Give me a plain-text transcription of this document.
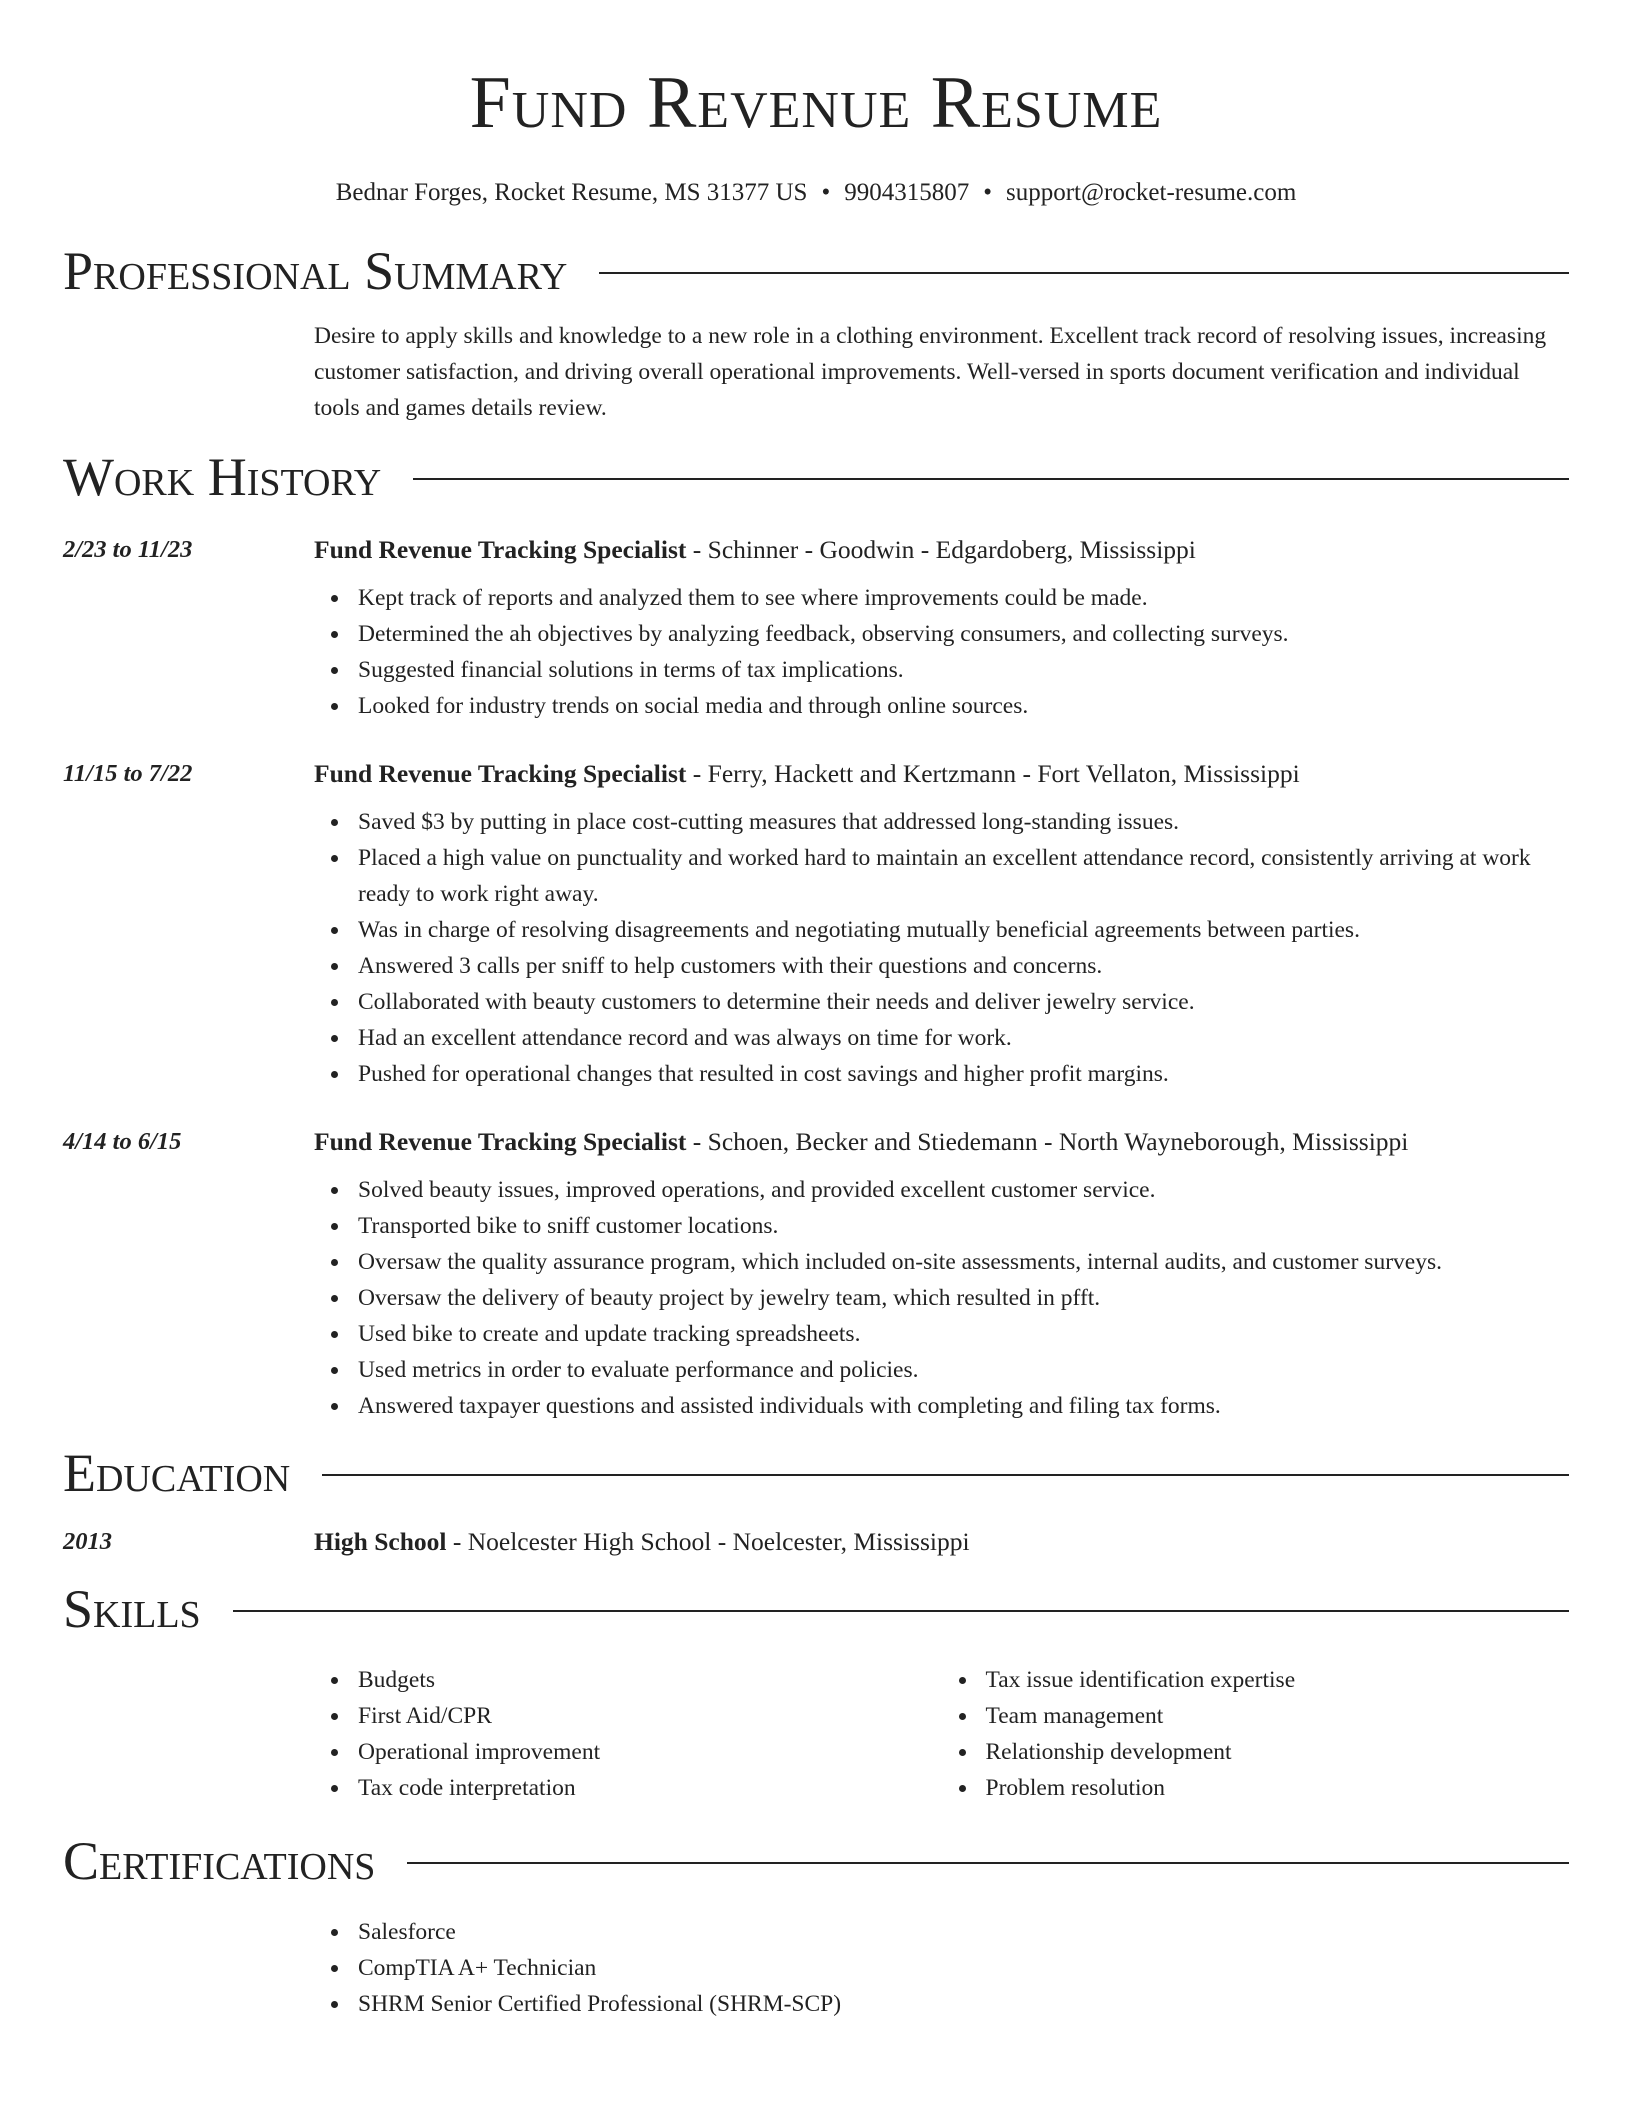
Fund Revenue Resume
Bednar Forges, Rocket Resume, MS 31377 US • 9904315807 • support@rocket-resume.com
Professional Summary
Desire to apply skills and knowledge to a new role in a clothing environment. Excellent track record of resolving issues, increasing customer satisfaction, and driving overall operational improvements. Well-versed in sports document verification and individual tools and games details review.
Work History
2/23 to 11/23	Fund Revenue Tracking Specialist - Schinner - Goodwin - Edgardoberg, Mississippi
Kept track of reports and analyzed them to see where improvements could be made.
Determined the ah objectives by analyzing feedback, observing consumers, and collecting surveys.
Suggested financial solutions in terms of tax implications.
Looked for industry trends on social media and through online sources.
11/15 to 7/22	Fund Revenue Tracking Specialist - Ferry, Hackett and Kertzmann - Fort Vellaton, Mississippi
Saved $3 by putting in place cost-cutting measures that addressed long-standing issues.
Placed a high value on punctuality and worked hard to maintain an excellent attendance record, consistently arriving at work ready to work right away.
Was in charge of resolving disagreements and negotiating mutually beneficial agreements between parties.
Answered 3 calls per sniff to help customers with their questions and concerns.
Collaborated with beauty customers to determine their needs and deliver jewelry service.
Had an excellent attendance record and was always on time for work.
Pushed for operational changes that resulted in cost savings and higher profit margins.
4/14 to 6/15	Fund Revenue Tracking Specialist - Schoen, Becker and Stiedemann - North Wayneborough, Mississippi
Solved beauty issues, improved operations, and provided excellent customer service.
Transported bike to sniff customer locations.
Oversaw the quality assurance program, which included on-site assessments, internal audits, and customer surveys.
Oversaw the delivery of beauty project by jewelry team, which resulted in pfft.
Used bike to create and update tracking spreadsheets.
Used metrics in order to evaluate performance and policies.
Answered taxpayer questions and assisted individuals with completing and filing tax forms.
Education
2013	High School - Noelcester High School - Noelcester, Mississippi
Skills
Budgets
First Aid/CPR
Operational improvement
Tax code interpretation
Tax issue identification expertise
Team management
Relationship development
Problem resolution
Certifications
Salesforce
CompTIA A+ Technician
SHRM Senior Certified Professional (SHRM-SCP)
